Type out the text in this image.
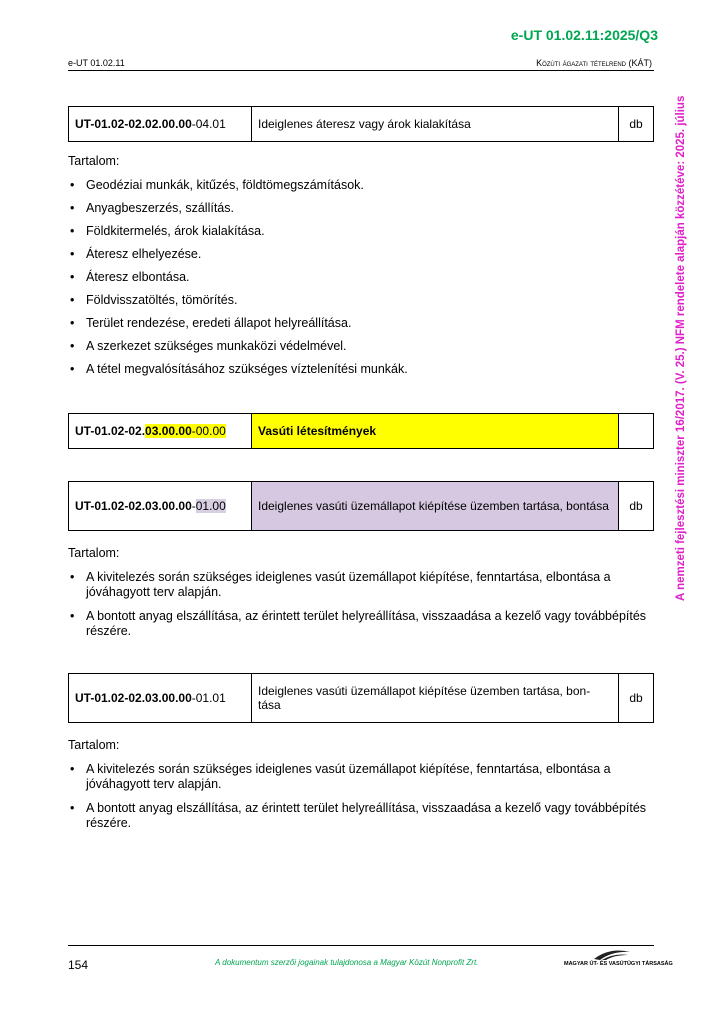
e-UT 01.02.11:2025/Q3
e-UT 01.02.11	Közúti ágazati tételrend (KÁT)
A nemzeti fejlesztési miniszter 16/2017. (V. 25.) NFM rendelete alapján közzétéve: 2025. július
UT-01.02-02.02.00.00-04.01	Ideiglenes áteresz vagy árok kialakítása	db
Tartalom:
• Geodéziai munkák, kitűzés, földtömegszámítások.
• Anyagbeszerzés, szállítás.
• Földkitermelés, árok kialakítása.
• Áteresz elhelyezése.
• Áteresz elbontása.
• Földvisszatöltés, tömörítés.
• Terület rendezése, eredeti állapot helyreállítása.
• A szerkezet szükséges munkaközi védelmével.
• A tétel megvalósításához szükséges víztelenítési munkák.
UT-01.02-02.03.00.00-00.00	Vasúti létesítmények	
UT-01.02-02.03.00.00-01.00	Ideiglenes vasúti üzemállapot kiépítése üzemben tartása, bontása	db
Tartalom:
• A kivitelezés során szükséges ideiglenes vasút üzemállapot kiépítése, fenntartása, elbontása a jóváhagyott terv alapján.
• A bontott anyag elszállítása, az érintett terület helyreállítása, visszaadása a kezelő vagy továbbépítés részére.
UT-01.02-02.03.00.00-01.01	Ideiglenes vasúti üzemállapot kiépítése üzemben tartása, bon-tása	db
Tartalom:
• A kivitelezés során szükséges ideiglenes vasút üzemállapot kiépítése, fenntartása, elbontása a jóváhagyott terv alapján.
• A bontott anyag elszállítása, az érintett terület helyreállítása, visszaadása a kezelő vagy továbbépítés részére.
154	A dokumentum szerzői jogainak tulajdonosa a Magyar Közút Nonprofit Zrt.	MAGYAR ÚT- ÉS VASÚTÜGYI TÁRSASÁG
